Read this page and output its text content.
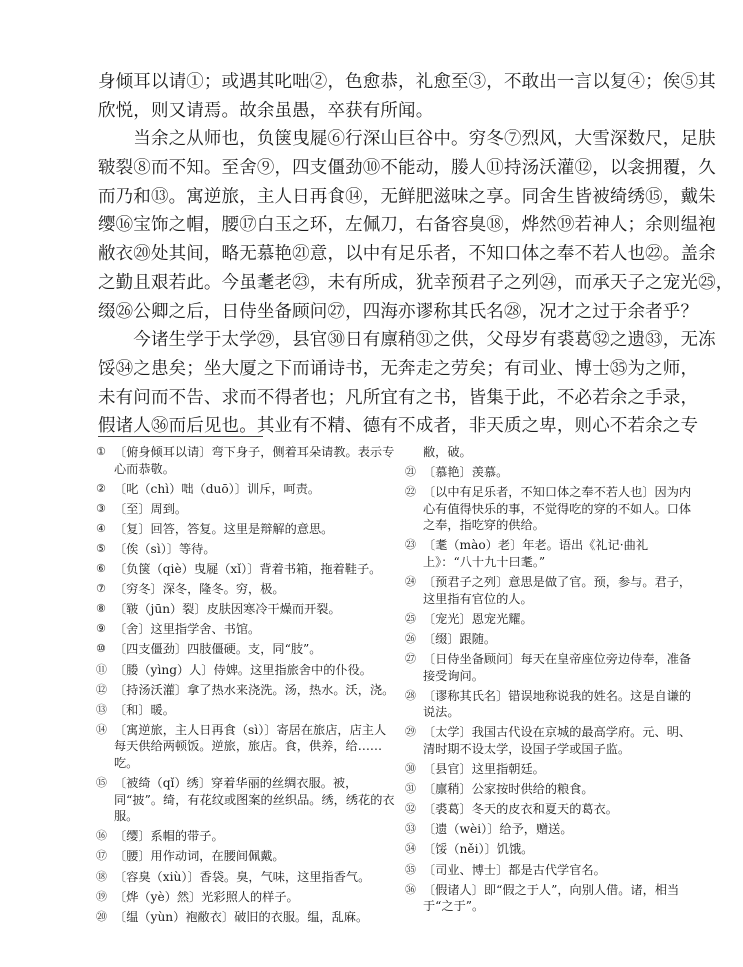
身倾耳以请①；或遇其叱咄②，色愈恭，礼愈至③，不敢出一言以复④；俟⑤其
欣悦，则又请焉。故余虽愚，卒获有所闻。
　　当余之从师也，负箧曳屣⑥行深山巨谷中。穷冬⑦烈风，大雪深数尺，足肤
皲裂⑧而不知。至舍⑨，四支僵劲⑩不能动，媵人⑪持汤沃灌⑫，以衾拥覆，久
而乃和⑬。寓逆旅，主人日再食⑭，无鲜肥滋味之享。同舍生皆被绮绣⑮，戴朱
缨⑯宝饰之帽，腰⑰白玉之环，左佩刀，右备容臭⑱，烨然⑲若神人；余则缊袍
敝衣⑳处其间，略无慕艳㉑意，以中有足乐者，不知口体之奉不若人也㉒。盖余
之勤且艰若此。今虽耄老㉓，未有所成，犹幸预君子之列㉔，而承天子之宠光㉕，
缀㉖公卿之后，日侍坐备顾问㉗，四海亦谬称其氏名㉘，况才之过于余者乎？
　　今诸生学于太学㉙，县官㉚日有廪稍㉛之供，父母岁有裘葛㉜之遗㉝，无冻
馁㉞之患矣；坐大厦之下而诵诗书，无奔走之劳矣；有司业、博士㉟为之师，
未有问而不告、求而不得者也；凡所宜有之书，皆集于此，不必若余之手录，
假诸人㊱而后见也。其业有不精、德有不成者，非天质之卑，则心不若余之专
① 〔俯身倾耳以请〕弯下身子，侧着耳朵请教。表示专心而恭敬。
② 〔叱（chì）咄（duō）〕训斥，呵责。
③ 〔至〕周到。
④ 〔复〕回答，答复。这里是辩解的意思。
⑤ 〔俟（sì）〕等待。
⑥ 〔负箧（qiè）曳屣（xǐ）〕背着书箱，拖着鞋子。
⑦ 〔穷冬〕深冬，隆冬。穷，极。
⑧ 〔皲（jūn）裂〕皮肤因寒冷干燥而开裂。
⑨ 〔舍〕这里指学舍、书馆。
⑩ 〔四支僵劲〕四肢僵硬。支，同“肢”。
⑪ 〔媵（yìng）人〕侍婢。这里指旅舍中的仆役。
⑫ 〔持汤沃灌〕拿了热水来浇洗。汤，热水。沃，浇。
⑬ 〔和〕暖。
⑭ 〔寓逆旅，主人日再食（sì）〕寄居在旅店，店主人每天供给两顿饭。逆旅，旅店。食，供养，给……吃。
⑮ 〔被绮（qǐ）绣〕穿着华丽的丝绸衣服。被，同“披”。绮，有花纹或图案的丝织品。绣，绣花的衣服。
⑯ 〔缨〕系帽的带子。
⑰ 〔腰〕用作动词，在腰间佩戴。
⑱ 〔容臭（xiù）〕香袋。臭，气味，这里指香气。
⑲ 〔烨（yè）然〕光彩照人的样子。
⑳ 〔缊（yùn）袍敝衣〕破旧的衣服。缊，乱麻。
敝，破。
㉑ 〔慕艳〕羡慕。
㉒ 〔以中有足乐者，不知口体之奉不若人也〕因为内心有值得快乐的事，不觉得吃的穿的不如人。口体之奉，指吃穿的供给。
㉓ 〔耄（mào）老〕年老。语出《礼记·曲礼上》：“八十九十曰耄。”
㉔ 〔预君子之列〕意思是做了官。预，参与。君子，这里指有官位的人。
㉕ 〔宠光〕恩宠光耀。
㉖ 〔缀〕跟随。
㉗ 〔日侍坐备顾问〕每天在皇帝座位旁边侍奉，准备接受询问。
㉘ 〔谬称其氏名〕错误地称说我的姓名。这是自谦的说法。
㉙ 〔太学〕我国古代设在京城的最高学府。元、明、清时期不设太学，设国子学或国子监。
㉚ 〔县官〕这里指朝廷。
㉛ 〔廪稍〕公家按时供给的粮食。
㉜ 〔裘葛〕冬天的皮衣和夏天的葛衣。
㉝ 〔遗（wèi）〕给予，赠送。
㉞ 〔馁（něi）〕饥饿。
㉟ 〔司业、博士〕都是古代学官名。
㊱ 〔假诸人〕即“假之于人”，向别人借。诸，相当于“之于”。
